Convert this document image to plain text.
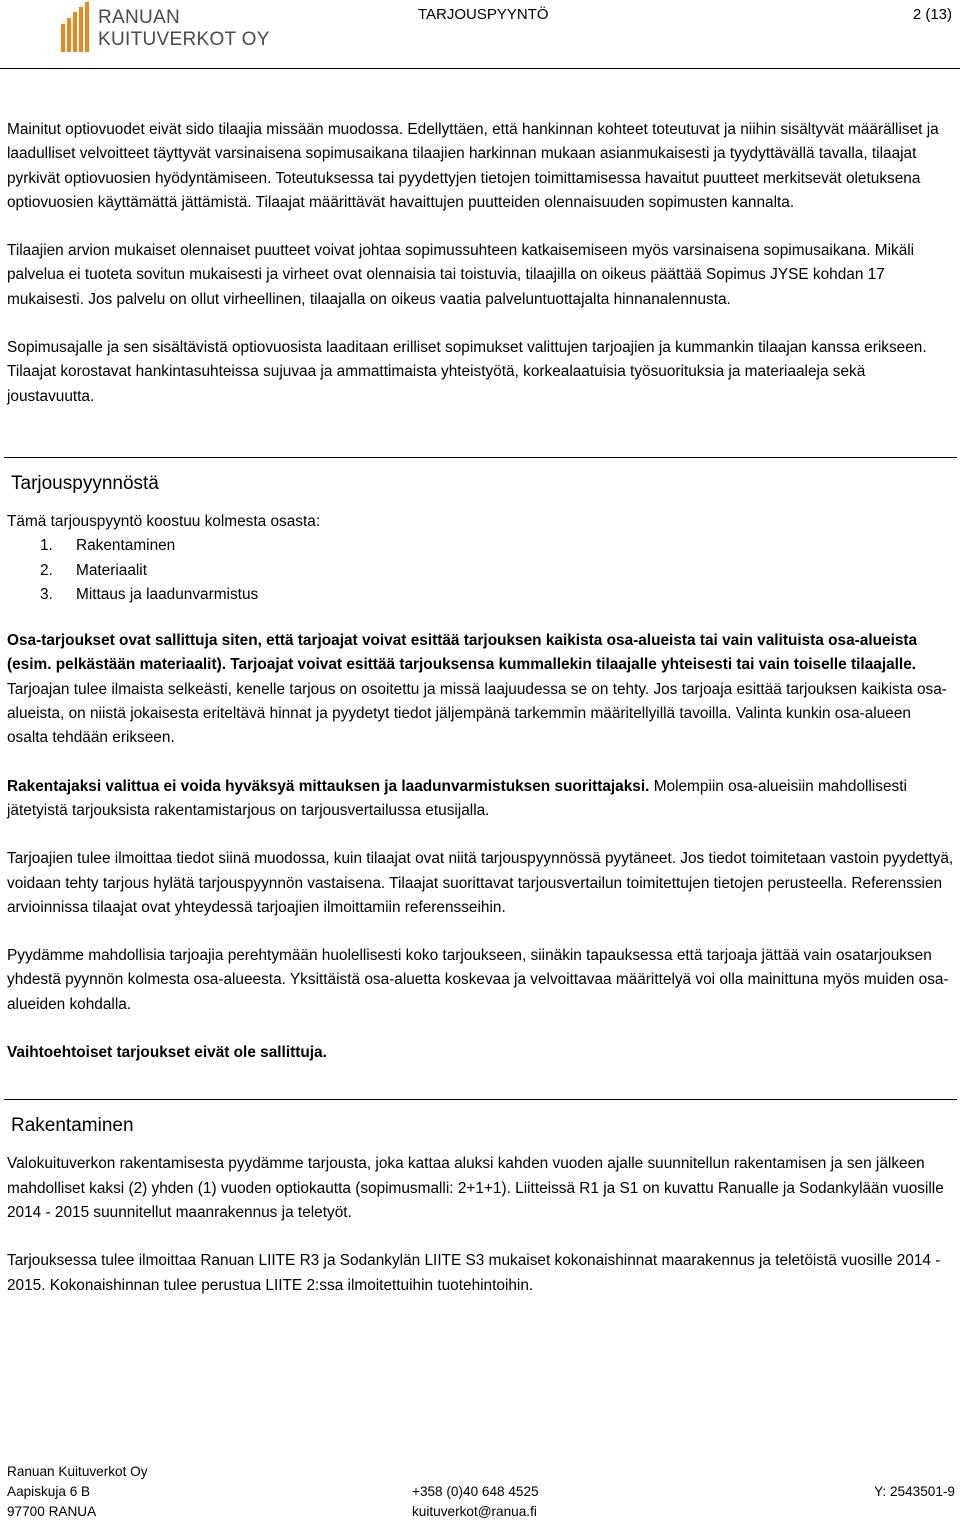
RANUAN
KUITUVERKOT OY
TARJOUSPYYNTÖ	2 (13)

Mainitut optiovuodet eivät sido tilaajia missään muodossa. Edellyttäen, että hankinnan kohteet toteutuvat ja niihin sisältyvät määrälliset ja laadulliset velvoitteet täyttyvät varsinaisena sopimusaikana tilaajien harkinnan mukaan asianmukaisesti ja tyydyttävällä tavalla, tilaajat pyrkivät optiovuosien hyödyntämiseen. Toteutuksessa tai pyydettyjen tietojen toimittamisessa havaitut puutteet merkitsevät oletuksena optiovuosien käyttämättä jättämistä. Tilaajat määrittävät havaittujen puutteiden olennaisuuden sopimusten kannalta.

Tilaajien arvion mukaiset olennaiset puutteet voivat johtaa sopimussuhteen katkaisemiseen myös varsinaisena sopimusaikana. Mikäli palvelua ei tuoteta sovitun mukaisesti ja virheet ovat olennaisia tai toistuvia, tilaajilla on oikeus päättää Sopimus JYSE kohdan 17 mukaisesti. Jos palvelu on ollut virheellinen, tilaajalla on oikeus vaatia palveluntuottajalta hinnanalennusta.

Sopimusajalle ja sen sisältävistä optiovuosista laaditaan erilliset sopimukset valittujen tarjoajien ja kummankin tilaajan kanssa erikseen. Tilaajat korostavat hankintasuhteissa sujuvaa ja ammattimaista yhteistyötä, korkealaatuisia työsuorituksia ja materiaaleja sekä joustavuutta.

Tarjouspyynnöstä

Tämä tarjouspyyntö koostuu kolmesta osasta:

1. Rakentaminen
2. Materiaalit
3. Mittaus ja laadunvarmistus

Osa-tarjoukset ovat sallittuja siten, että tarjoajat voivat esittää tarjouksen kaikista osa-alueista tai vain valituista osa-alueista (esim. pelkästään materiaalit). Tarjoajat voivat esittää tarjouksensa kummallekin tilaajalle yhteisesti tai vain toiselle tilaajalle. Tarjoajan tulee ilmaista selkeästi, kenelle tarjous on osoitettu ja missä laajuudessa se on tehty. Jos tarjoaja esittää tarjouksen kaikista osa-alueista, on niistä jokaisesta eriteltävä hinnat ja pyydetyt tiedot jäljempänä tarkemmin määritellyillä tavoilla. Valinta kunkin osa-alueen osalta tehdään erikseen.

Rakentajaksi valittua ei voida hyväksyä mittauksen ja laadunvarmistuksen suorittajaksi. Molempiin osa-alueisiin mahdollisesti jätetyistä tarjouksista rakentamistarjous on tarjousvertailussa etusijalla.

Tarjoajien tulee ilmoittaa tiedot siinä muodossa, kuin tilaajat ovat niitä tarjouspyynnössä pyytäneet. Jos tiedot toimitetaan vastoin pyydettyä, voidaan tehty tarjous hylätä tarjouspyynnön vastaisena. Tilaajat suorittavat tarjousvertailun toimitettujen tietojen perusteella. Referenssien arvioinnissa tilaajat ovat yhteydessä tarjoajien ilmoittamiin referensseihin.

Pyydämme mahdollisia tarjoajia perehtymään huolellisesti koko tarjoukseen, siinäkin tapauksessa että tarjoaja jättää vain osatarjouksen yhdestä pyynnön kolmesta osa-alueesta. Yksittäistä osa-aluetta koskevaa ja velvoittavaa määrittelyä voi olla mainittuna myös muiden osa-alueiden kohdalla.

Vaihtoehtoiset tarjoukset eivät ole sallittuja.

Rakentaminen

Valokuituverkon rakentamisesta pyydämme tarjousta, joka kattaa aluksi kahden vuoden ajalle suunnitellun rakentamisen ja sen jälkeen mahdolliset kaksi (2) yhden (1) vuoden optiokautta (sopimusmalli: 2+1+1). Liitteissä R1 ja S1 on kuvattu Ranualle ja Sodankylään vuosille 2014 - 2015 suunnitellut maanrakennus ja teletyöt.

Tarjouksessa tulee ilmoittaa Ranuan LIITE R3 ja Sodankylän LIITE S3 mukaiset kokonaishinnat maarakennus ja teletöistä vuosille 2014 - 2015. Kokonaishinnan tulee perustua LIITE 2:ssa ilmoitettuihin tuotehintoihin.

Ranuan Kuituverkot Oy
Aapiskuja 6 B
97700 RANUA
+358 (0)40 648 4525
kuituverkot@ranua.fi
Y: 2543501-9
